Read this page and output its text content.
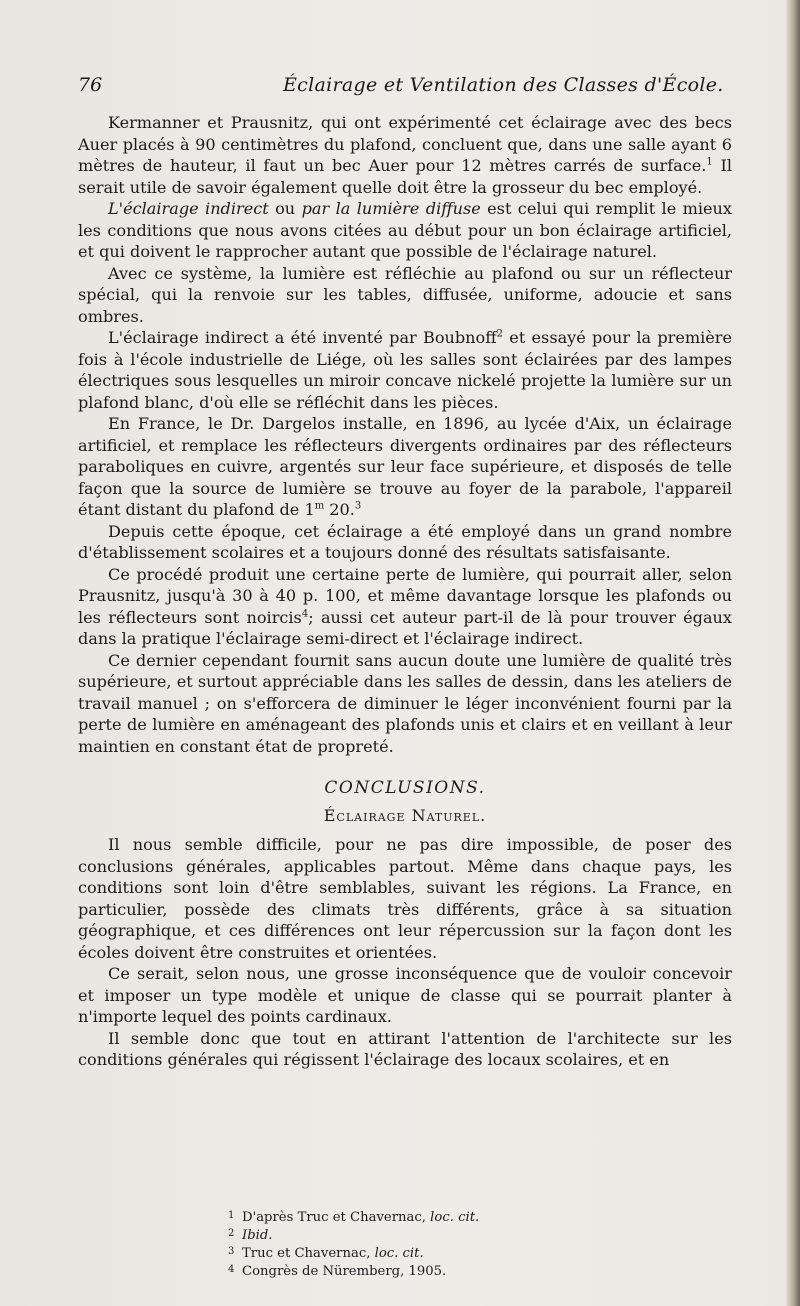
76	Éclairage et Ventilation des Classes d'École.

Kermanner et Prausnitz, qui ont expérimenté cet éclairage avec des becs Auer placés à 90 centimètres du plafond, concluent que, dans une salle ayant 6 mètres de hauteur, il faut un bec Auer pour 12 mètres carrés de surface.$^1$ Il serait utile de savoir également quelle doit être la grosseur du bec employé.

L'éclairage indirect ou par la lumière diffuse est celui qui remplit le mieux les conditions que nous avons citées au début pour un bon éclairage artificiel, et qui doivent le rapprocher autant que possible de l'éclairage naturel.

Avec ce système, la lumière est réfléchie au plafond ou sur un réflecteur spécial, qui la renvoie sur les tables, diffusée, uniforme, adoucie et sans ombres.

L'éclairage indirect a été inventé par Boubnoff$^2$ et essayé pour la première fois à l'école industrielle de Liége, où les salles sont éclairées par des lampes électriques sous lesquelles un miroir concave nickelé projette la lumière sur un plafond blanc, d'où elle se réfléchit dans les pièces.

En France, le Dr. Dargelos installe, en 1896, au lycée d'Aix, un éclairage artificiel, et remplace les réflecteurs divergents ordinaires par des réflecteurs paraboliques en cuivre, argentés sur leur face supérieure, et disposés de telle façon que la source de lumière se trouve au foyer de la parabole, l'appareil étant distant du plafond de 1$^m$ 20.$^3$

Depuis cette époque, cet éclairage a été employé dans un grand nombre d'établissement scolaires et a toujours donné des résultats satisfaisante.

Ce procédé produit une certaine perte de lumière, qui pourrait aller, selon Prausnitz, jusqu'à 30 à 40 p. 100, et même davantage lorsque les plafonds ou les réflecteurs sont noircis$^4$; aussi cet auteur part-il de là pour trouver égaux dans la pratique l'éclairage semi-direct et l'éclairage indirect.

Ce dernier cependant fournit sans aucun doute une lumière de qualité très supérieure, et surtout appréciable dans les salles de dessin, dans les ateliers de travail manuel ; on s'efforcera de diminuer le léger inconvénient fourni par la perte de lumière en aménageant des plafonds unis et clairs et en veillant à leur maintien en constant état de propreté.

CONCLUSIONS.
Éclairage Naturel.

Il nous semble difficile, pour ne pas dire impossible, de poser des conclusions générales, applicables partout. Même dans chaque pays, les conditions sont loin d'être semblables, suivant les régions. La France, en particulier, possède des climats très différents, grâce à sa situation géographique, et ces différences ont leur répercussion sur la façon dont les écoles doivent être construites et orientées.

Ce serait, selon nous, une grosse inconséquence que de vouloir concevoir et imposer un type modèle et unique de classe qui se pourrait planter à n'importe lequel des points cardinaux.

Il semble donc que tout en attirant l'attention de l'architecte sur les conditions générales qui régissent l'éclairage des locaux scolaires, et en

1 D'après Truc et Chavernac, loc. cit.
2 Ibid.
3 Truc et Chavernac, loc. cit.
4 Congrès de Nüremberg, 1905.
